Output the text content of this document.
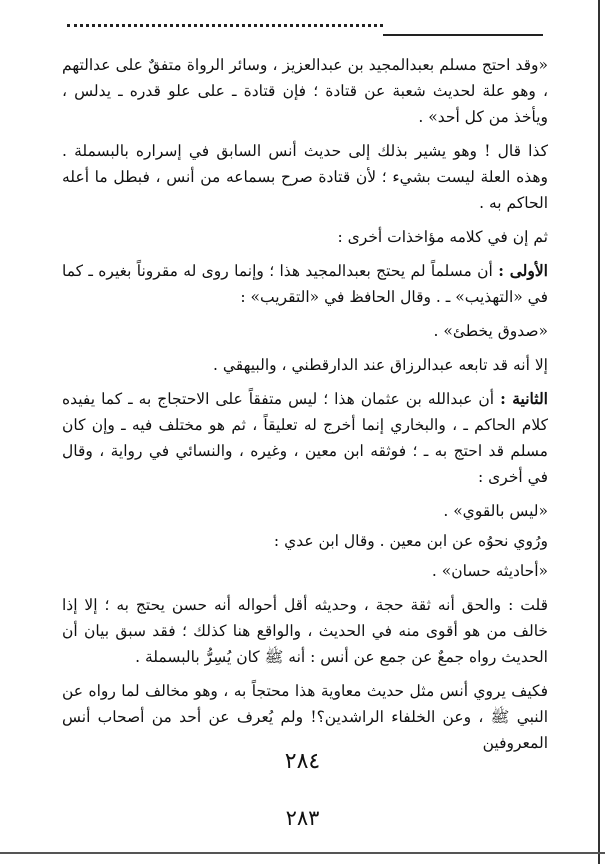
«وقد احتج مسلم بعبدالمجيد بن عبدالعزيز ، وسائر الرواة متفقٌ على عدالتهم ، وهو علة لحديث شعبة عن قتادة ؛ فإن قتادة ـ على علو قدره ـ يدلس ، ويأخذ من كل أحد» .

كذا قال ! وهو يشير بذلك إلى حديث أنس السابق في إسراره بالبسملة . وهذه العلة ليست بشيء ؛ لأن قتادة صرح بسماعه من أنس ، فبطل ما أعله الحاكم به .

ثم إن في كلامه مؤاخذات أخرى :

الأولى : أن مسلماً لم يحتج بعبدالمجيد هذا ؛ وإنما روى له مقروناً بغيره ـ كما في «التهذيب» ـ . وقال الحافظ في «التقريب» :

«صدوق يخطئ» .

إلا أنه قد تابعه عبدالرزاق عند الدارقطني ، والبيهقي .

الثانية : أن عبدالله بن عثمان هذا ؛ ليس متفقاً على الاحتجاج به ـ كما يفيده كلام الحاكم ـ ، والبخاري إنما أخرج له تعليقاً ، ثم هو مختلف فيه ـ وإن كان مسلم قد احتج به ـ ؛ فوثقه ابن معين ، وغيره ، والنسائي في رواية ، وقال في أخرى :

«ليس بالقوي» .

ورُوي نحوُه عن ابن معين . وقال ابن عدي :

«أحاديثه حسان» .

قلت : والحق أنه ثقة حجة ، وحديثه أقل أحواله أنه حسن يحتج به ؛ إلا إذا خالف من هو أقوى منه في الحديث ، والواقع هنا كذلك ؛ فقد سبق بيان أن الحديث رواه جمعٌ عن جمع عن أنس : أنه ﷺ كان يُسِرُّ بالبسملة .

فكيف يروي أنس مثل حديث معاوية هذا محتجاً به ، وهو مخالف لما رواه عن النبي ﷺ ، وعن الخلفاء الراشدين؟! ولم يُعرف عن أحد من أصحاب أنس المعروفين

٢٨٤
٢٨٣
